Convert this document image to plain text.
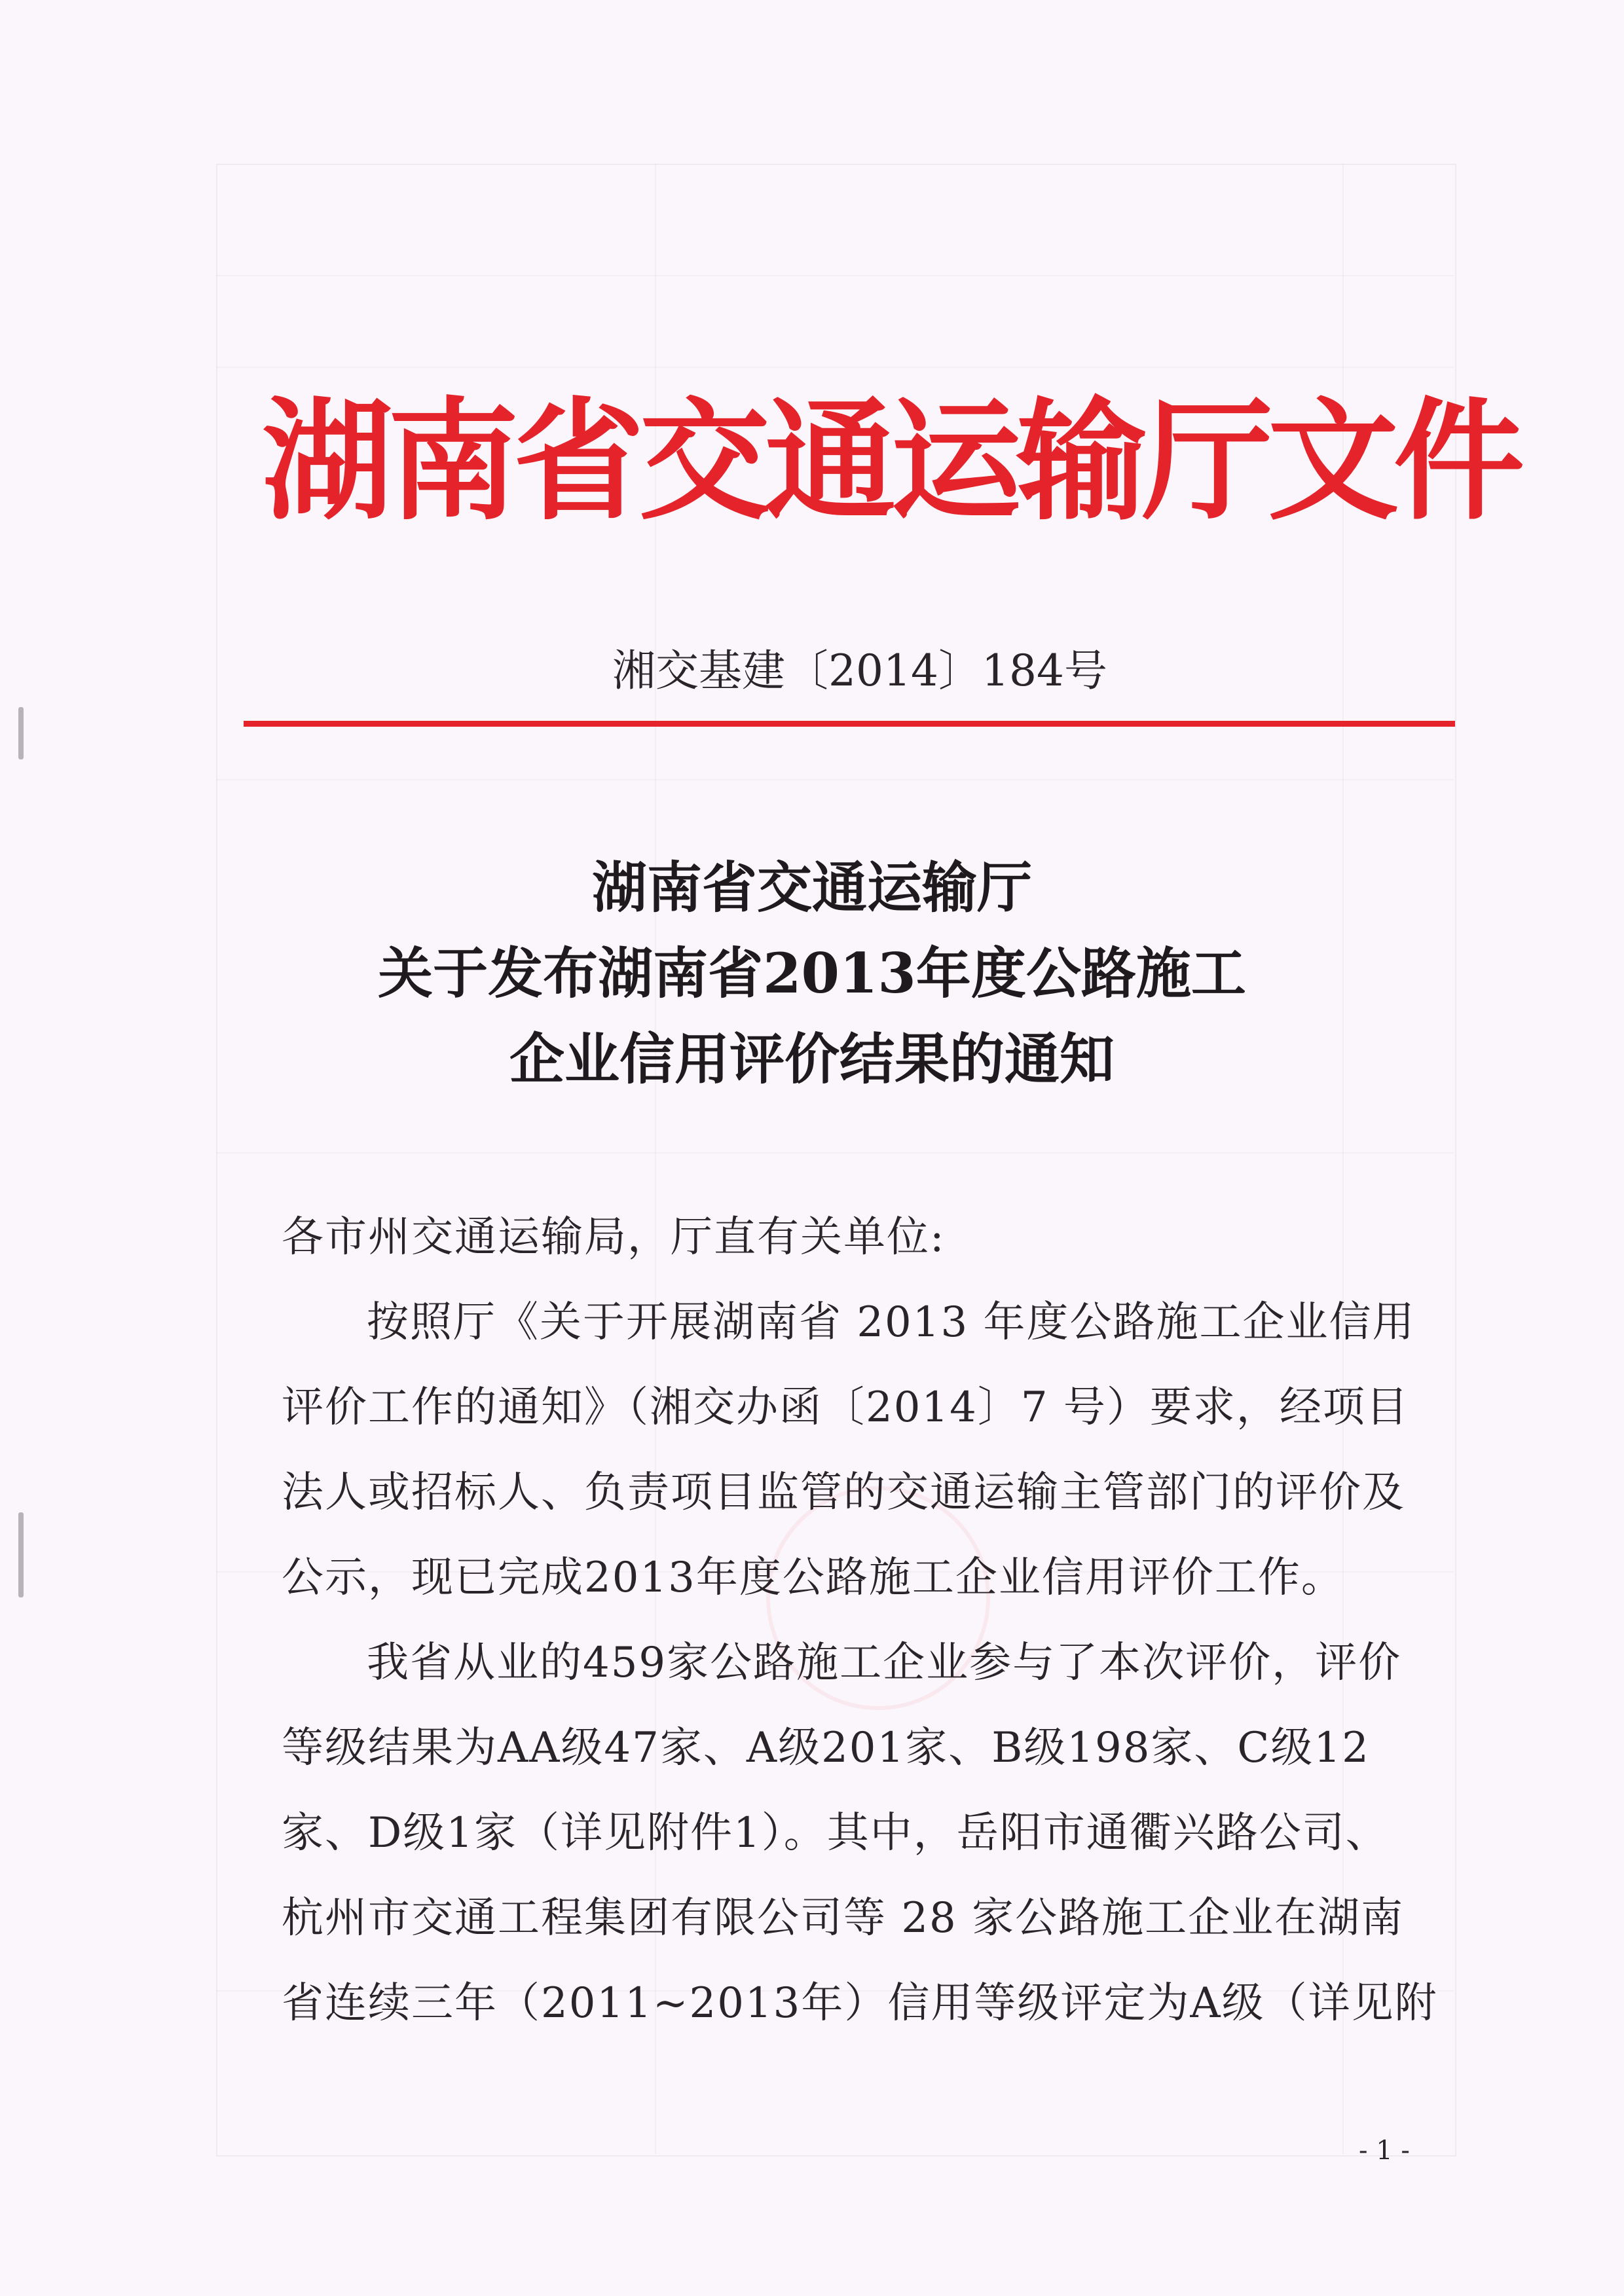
湖南省交通运输厅文件
湘交基建〔2014〕184号
湖南省交通运输厅
关于发布湖南省2013年度公路施工
企业信用评价结果的通知
各市州交通运输局，厅直有关单位:
按照厅《关于开展湖南省 2013 年度公路施工企业信用
评价工作的通知》（湘交办函〔2014〕7 号）要求，经项目
法人或招标人、负责项目监管的交通运输主管部门的评价及
公示，现已完成2013年度公路施工企业信用评价工作。
我省从业的459家公路施工企业参与了本次评价，评价
等级结果为AA级47家、A级201家、B级198家、C级12
家、D级1家（详见附件1）。其中，岳阳市通衢兴路公司、
杭州市交通工程集团有限公司等 28 家公路施工企业在湖南
省连续三年（2011~2013年）信用等级评定为A级（详见附
- 1 -
